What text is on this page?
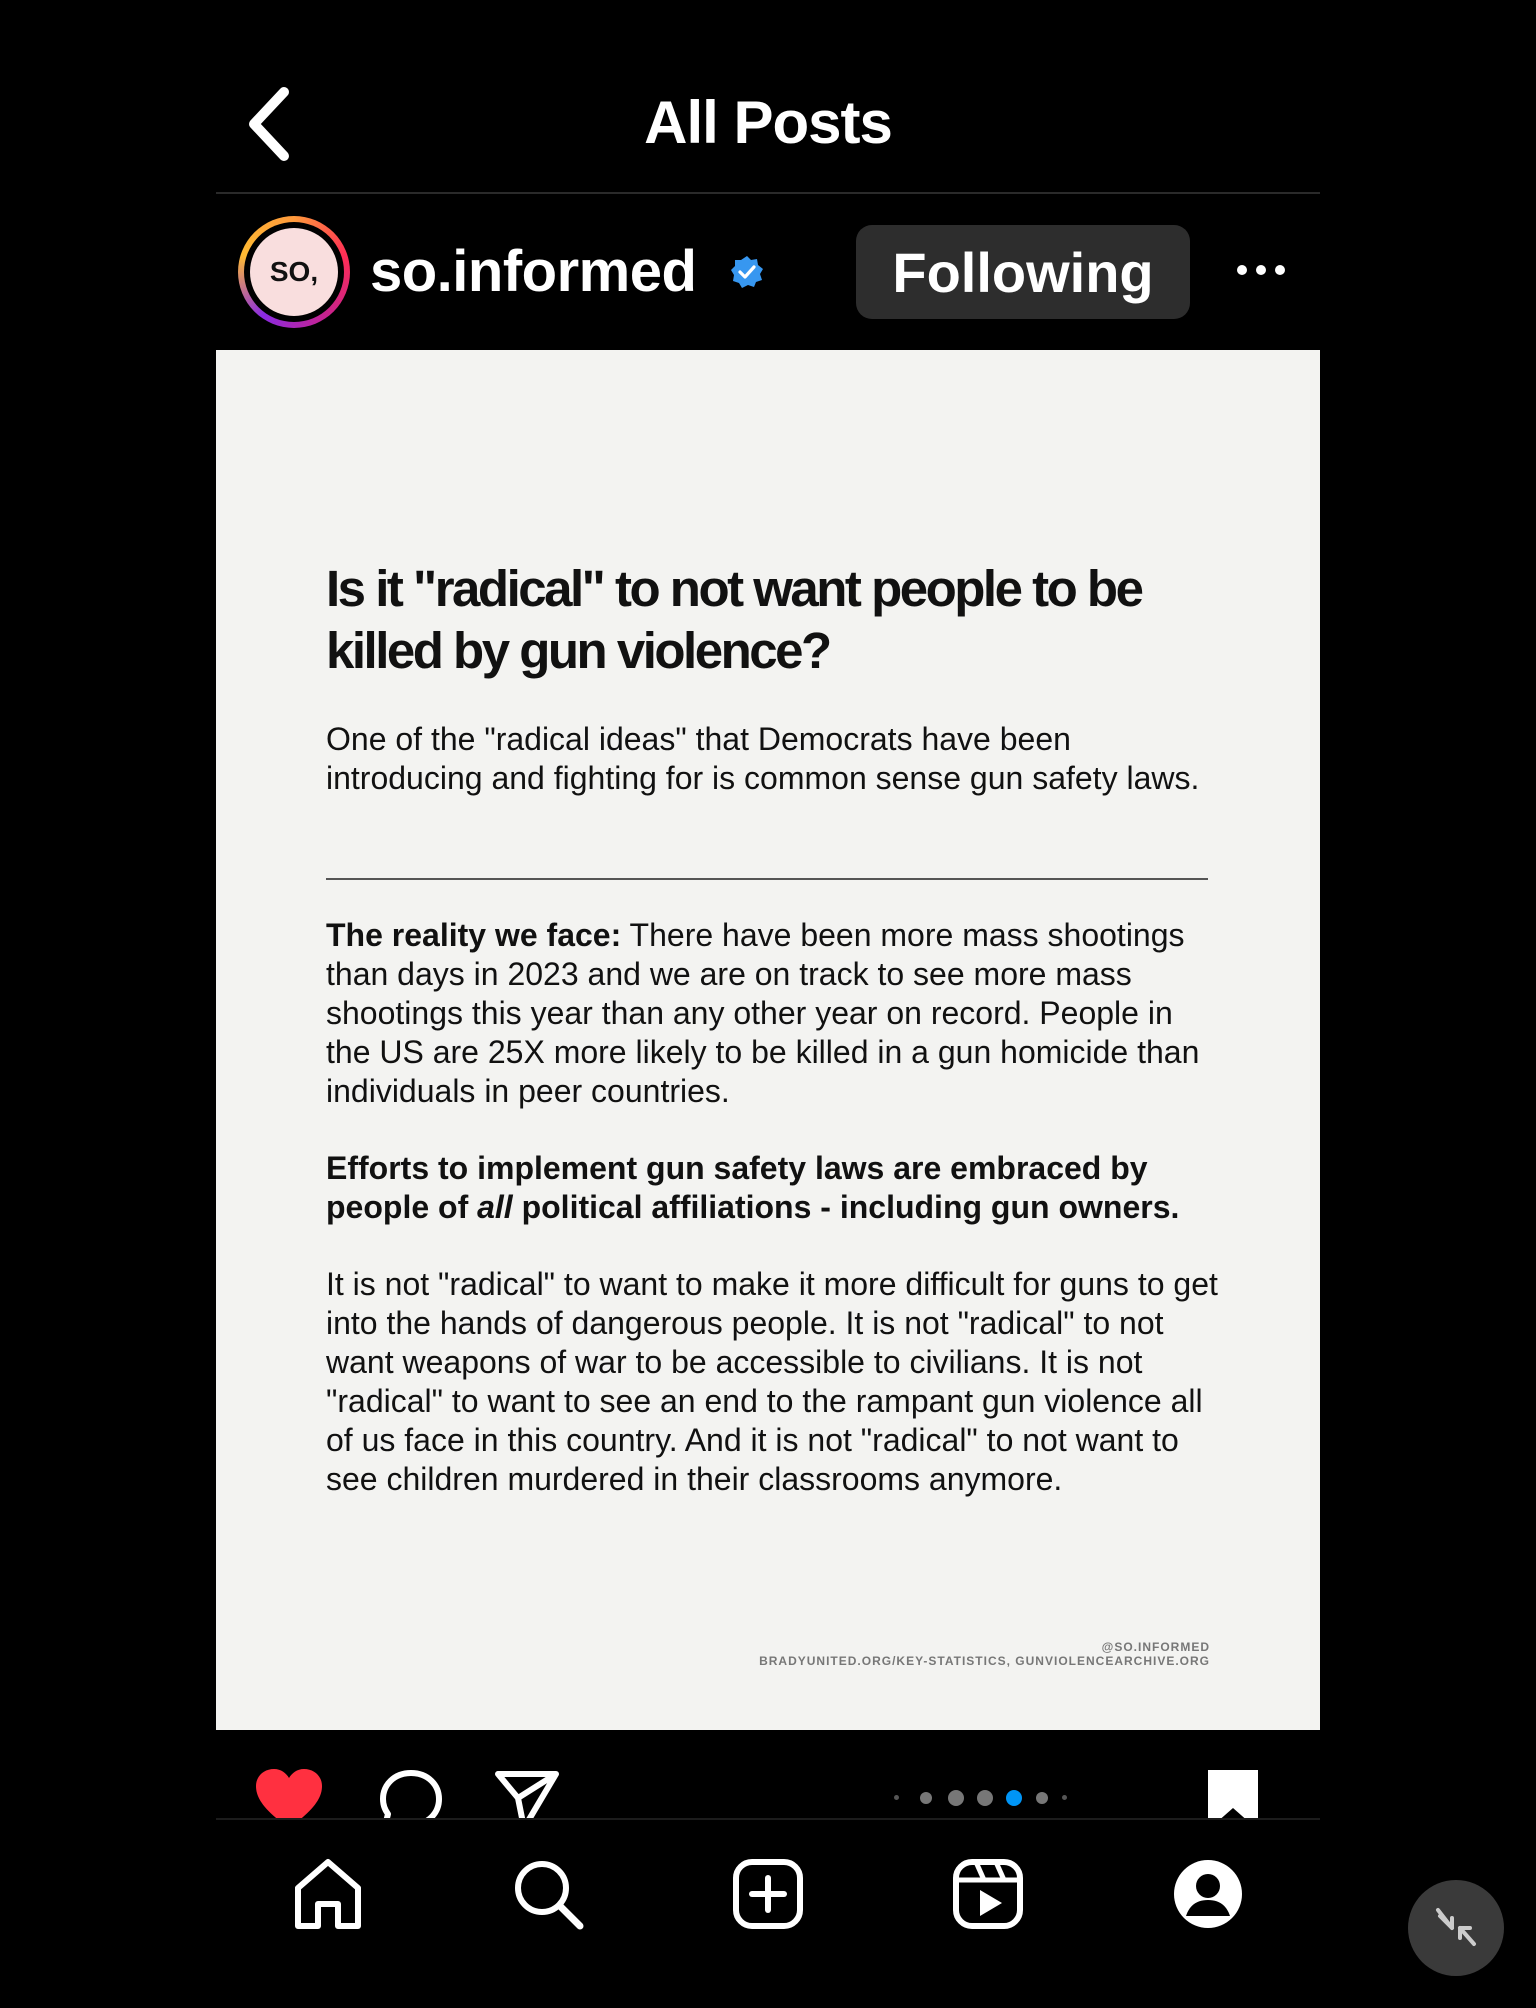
All Posts
SO, so.informed	Following
Is it "radical" to not want people to be killed by gun violence?

One of the "radical ideas" that Democrats have been introducing and fighting for is common sense gun safety laws.

The reality we face: There have been more mass shootings than days in 2023 and we are on track to see more mass shootings this year than any other year on record. People in the US are 25X more likely to be killed in a gun homicide than individuals in peer countries.

Efforts to implement gun safety laws are embraced by people of all political affiliations - including gun owners.

It is not "radical" to want to make it more difficult for guns to get into the hands of dangerous people. It is not "radical" to not want weapons of war to be accessible to civilians. It is not "radical" to want to see an end to the rampant gun violence all of us face in this country. And it is not "radical" to not want to see children murdered in their classrooms anymore.

@SO.INFORMED
BRADYUNITED.ORG/KEY-STATISTICS, GUNVIOLENCEARCHIVE.ORG
